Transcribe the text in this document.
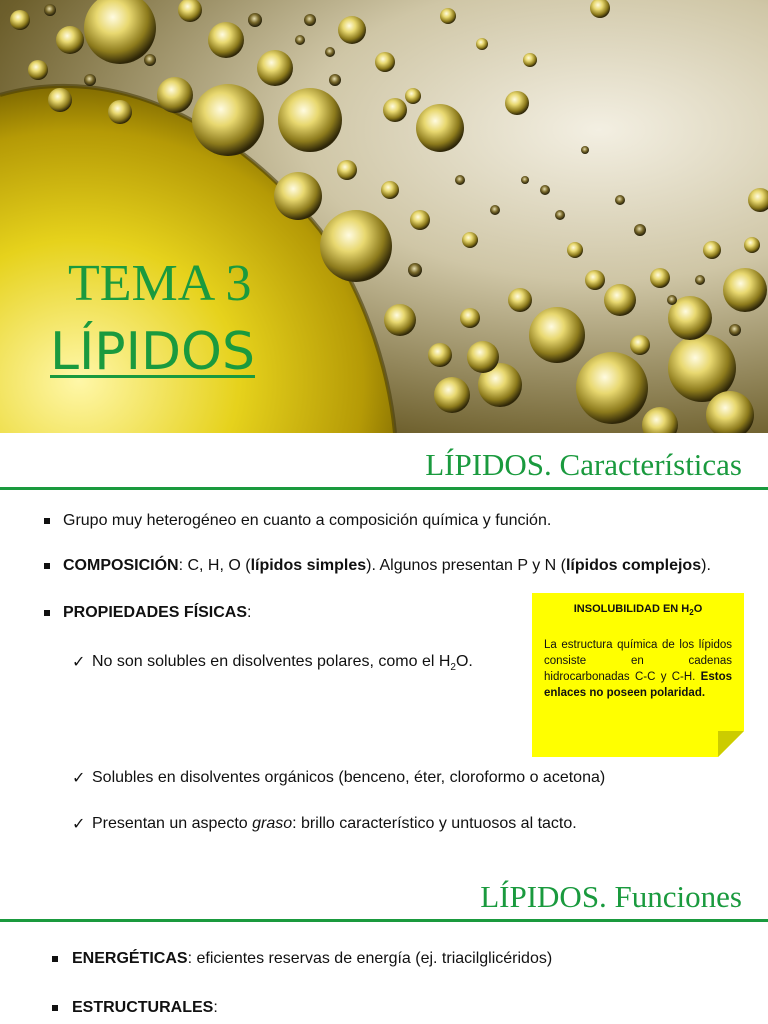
TEMA 3
LÍPIDOS
LÍPIDOS. Características
Grupo muy heterogéneo en cuanto a composición química y función.
COMPOSICIÓN: C, H, O (lípidos simples). Algunos presentan P y N (lípidos complejos).
PROPIEDADES FÍSICAS:
✓ No son solubles en disolventes polares, como el $H_2O$.
✓ Solubles en disolventes orgánicos (benceno, éter, cloroformo o acetona)
✓ Presentan un aspecto graso: brillo característico y untuosos al tacto.
INSOLUBILIDAD EN $H_2O$
La estructura química de los lípidos consiste en cadenas hidrocarbonadas C-C y C-H. Estos enlaces no poseen polaridad.
LÍPIDOS. Funciones
ENERGÉTICAS: eficientes reservas de energía (ej. triacilglicéridos)
ESTRUCTURALES:
